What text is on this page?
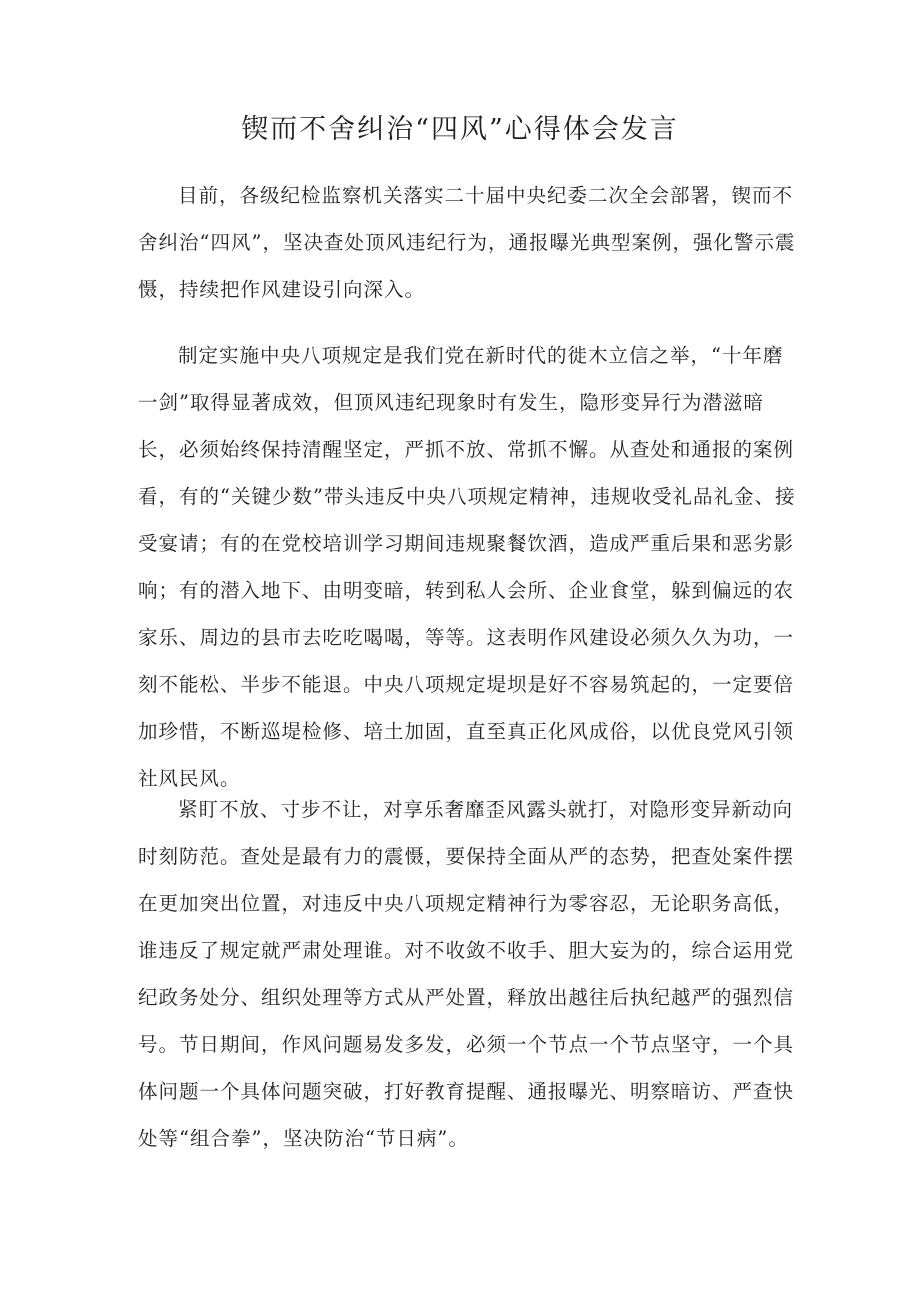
锲而不舍纠治“四风”心得体会发言

目前，各级纪检监察机关落实二十届中央纪委二次全会部署，锲而不舍纠治“四风”，坚决查处顶风违纪行为，通报曝光典型案例，强化警示震慑，持续把作风建设引向深入。

制定实施中央八项规定是我们党在新时代的徙木立信之举，“十年磨一剑”取得显著成效，但顶风违纪现象时有发生，隐形变异行为潜滋暗长，必须始终保持清醒坚定，严抓不放、常抓不懈。从查处和通报的案例看，有的“关键少数”带头违反中央八项规定精神，违规收受礼品礼金、接受宴请；有的在党校培训学习期间违规聚餐饮酒，造成严重后果和恶劣影响；有的潜入地下、由明变暗，转到私人会所、企业食堂，躲到偏远的农家乐、周边的县市去吃吃喝喝，等等。这表明作风建设必须久久为功，一刻不能松、半步不能退。中央八项规定堤坝是好不容易筑起的，一定要倍加珍惜，不断巡堤检修、培土加固，直至真正化风成俗，以优良党风引领社风民风。

紧盯不放、寸步不让，对享乐奢靡歪风露头就打，对隐形变异新动向时刻防范。查处是最有力的震慑，要保持全面从严的态势，把查处案件摆在更加突出位置，对违反中央八项规定精神行为零容忍，无论职务高低，谁违反了规定就严肃处理谁。对不收敛不收手、胆大妄为的，综合运用党纪政务处分、组织处理等方式从严处置，释放出越往后执纪越严的强烈信号。节日期间，作风问题易发多发，必须一个节点一个节点坚守，一个具体问题一个具体问题突破，打好教育提醒、通报曝光、明察暗访、严查快处等“组合拳”，坚决防治“节日病”。
